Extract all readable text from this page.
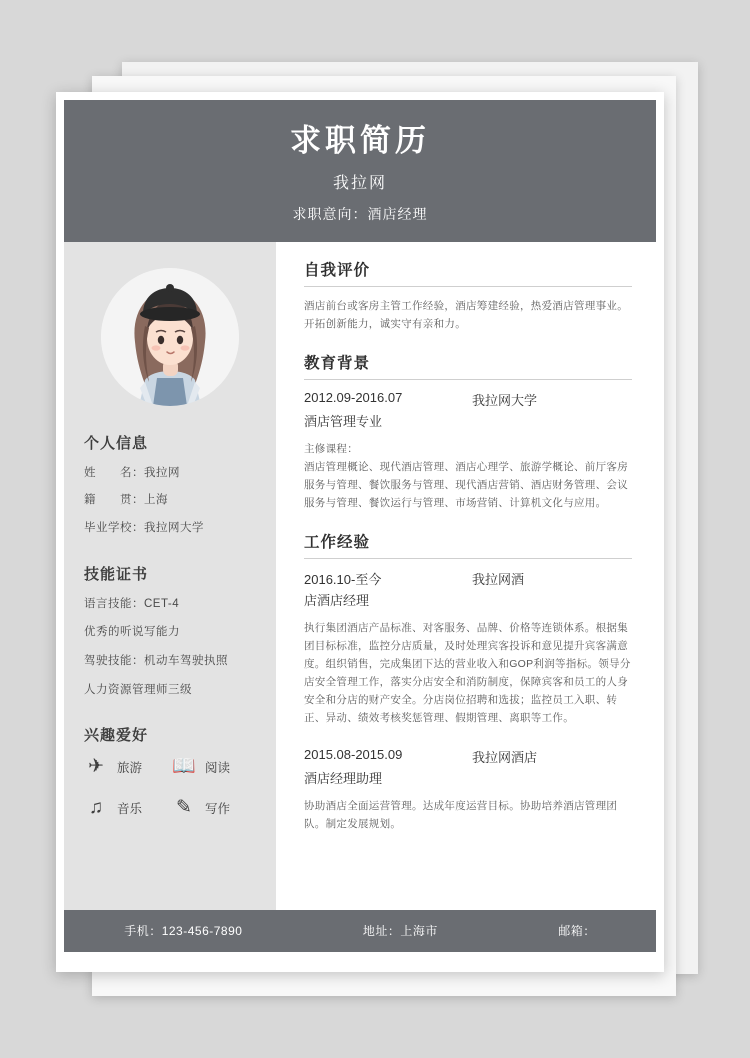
求职简历
我拉网
求职意向：酒店经理
个人信息
姓　　名：我拉网
籍　　贯：上海
毕业学校：我拉网大学
技能证书
语言技能：CET-4
优秀的听说写能力
驾驶技能：机动车驾驶执照
人力资源管理师三级
兴趣爱好
✈	旅游 📖 阅读
♫	音乐 ✎	写作
自我评价
酒店前台或客房主管工作经验，酒店筹建经验，热爱酒店管理事业。开拓创新能力，诚实守有亲和力。
教育背景
2012.09-2016.07	我拉网大学
酒店管理专业
主修课程：
酒店管理概论、现代酒店管理、酒店心理学、旅游学概论、前厅客房服务与管理、餐饮服务与管理、现代酒店营销、酒店财务管理、会议服务与管理、餐饮运行与管理、市场营销、计算机文化与应用。
工作经验
2016.10-至今	我拉网酒
店酒店经理
执行集团酒店产品标准、对客服务、品牌、价格等连锁体系。根据集团目标标准，监控分店质量，及时处理宾客投诉和意见提升宾客满意度。组织销售，完成集团下达的营业收入和GOP利润等指标。领导分店安全管理工作，落实分店安全和消防制度，保障宾客和员工的人身安全和分店的财产安全。分店岗位招聘和选拔；监控员工入职、转正、异动、绩效考核奖惩管理、假期管理、离职等工作。
2015.08-2015.09	我拉网酒店
酒店经理助理
协助酒店全面运营管理。达成年度运营目标。协助培养酒店管理团队。制定发展规划。
手机：123-456-7890	地址：上海市	邮箱：
